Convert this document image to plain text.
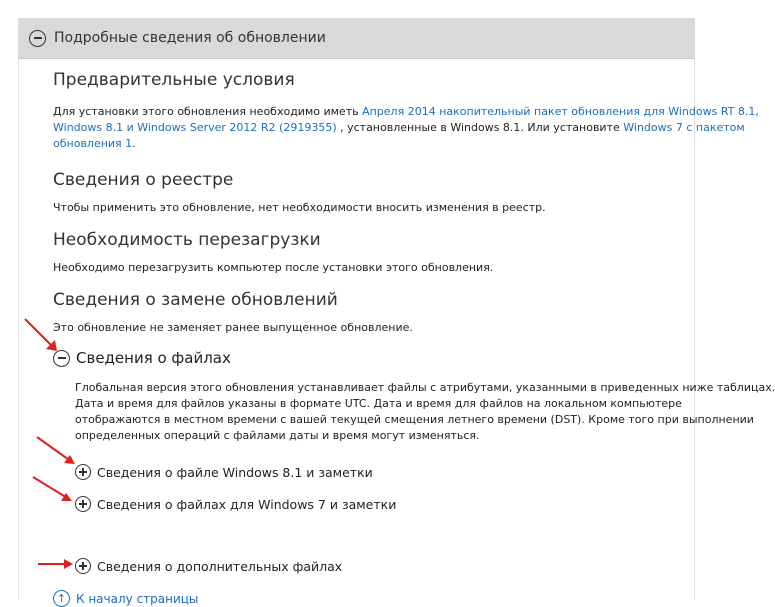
Подробные сведения об обновлении
Предварительные условия
Для установки этого обновления необходимо иметь Апреля 2014 накопительный пакет обновления для Windows RT 8.1,
Windows 8.1 и Windows Server 2012 R2 (2919355) , установленные в Windows 8.1. Или установите Windows 7 с пакетом
обновления 1.
Сведения о реестре
Чтобы применить это обновление, нет необходимости вносить изменения в реестр.
Необходимость перезагрузки
Необходимо перезагрузить компьютер после установки этого обновления.
Сведения о замене обновлений
Это обновление не заменяет ранее выпущенное обновление.
Сведения о файлах
Глобальная версия этого обновления устанавливает файлы с атрибутами, указанными в приведенных ниже таблицах.
Дата и время для файлов указаны в формате UTC. Дата и время для файлов на локальном компьютере
отображаются в местном времени с вашей текущей смещения летнего времени (DST). Кроме того при выполнении
определенных операций с файлами даты и время могут изменяться.
Сведения о файле Windows 8.1 и заметки
Сведения о файлах для Windows 7 и заметки
Сведения о дополнительных файлах
↑ К началу страницы
